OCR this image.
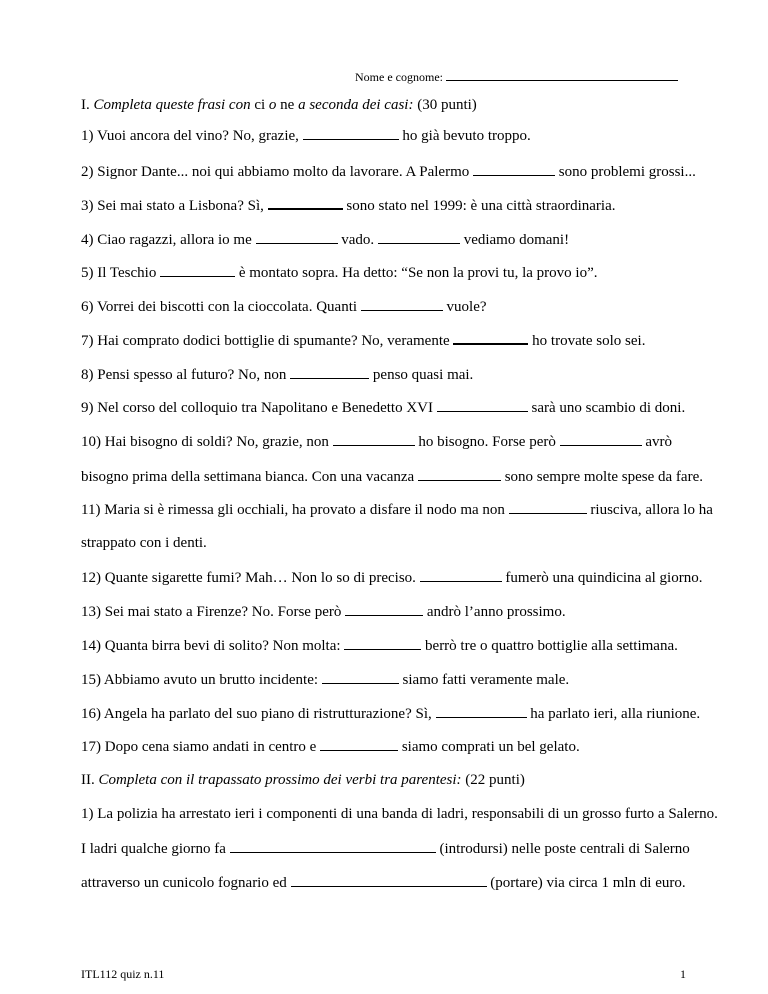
Nome e cognome:
I. Completa queste frasi con ci o ne a seconda dei casi: (30 punti)
1) Vuoi ancora del vino? No, grazie,	ho già bevuto troppo.
2) Signor Dante... noi qui abbiamo molto da lavorare. A Palermo	sono problemi grossi...
3) Sei mai stato a Lisbona? Sì,	sono stato nel 1999: è una città straordinaria.
4) Ciao ragazzi, allora io me	vado.	vediamo domani!
5) Il Teschio	è montato sopra. Ha detto: “Se non la provi tu, la provo io”.
6) Vorrei dei biscotti con la cioccolata. Quanti	vuole?
7) Hai comprato dodici bottiglie di spumante? No, veramente	ho trovate solo sei.
8) Pensi spesso al futuro? No, non	penso quasi mai.
9) Nel corso del colloquio tra Napolitano e Benedetto XVI	sarà uno scambio di doni.
10) Hai bisogno di soldi? No, grazie, non	ho bisogno. Forse però	avrò
bisogno prima della settimana bianca. Con una vacanza	sono sempre molte spese da fare.
11) Maria si è rimessa gli occhiali, ha provato a disfare il nodo ma non	riusciva, allora lo ha
strappato con i denti.
12) Quante sigarette fumi? Mah… Non lo so di preciso.	fumerò una quindicina al giorno.
13) Sei mai stato a Firenze? No. Forse però	andrò l’anno prossimo.
14) Quanta birra bevi di solito? Non molta:	berrò tre o quattro bottiglie alla settimana.
15) Abbiamo avuto un brutto incidente:	siamo fatti veramente male.
16) Angela ha parlato del suo piano di ristrutturazione? Sì,	ha parlato ieri, alla riunione.
17) Dopo cena siamo andati in centro e	siamo comprati un bel gelato.
II. Completa con il trapassato prossimo dei verbi tra parentesi: (22 punti)
1) La polizia ha arrestato ieri i componenti di una banda di ladri, responsabili di un grosso furto a Salerno.
I ladri qualche giorno fa	(introdursi) nelle poste centrali di Salerno
attraverso un cunicolo fognario ed	(portare) via circa 1 mln di euro.
ITL112 quiz n.11	1
